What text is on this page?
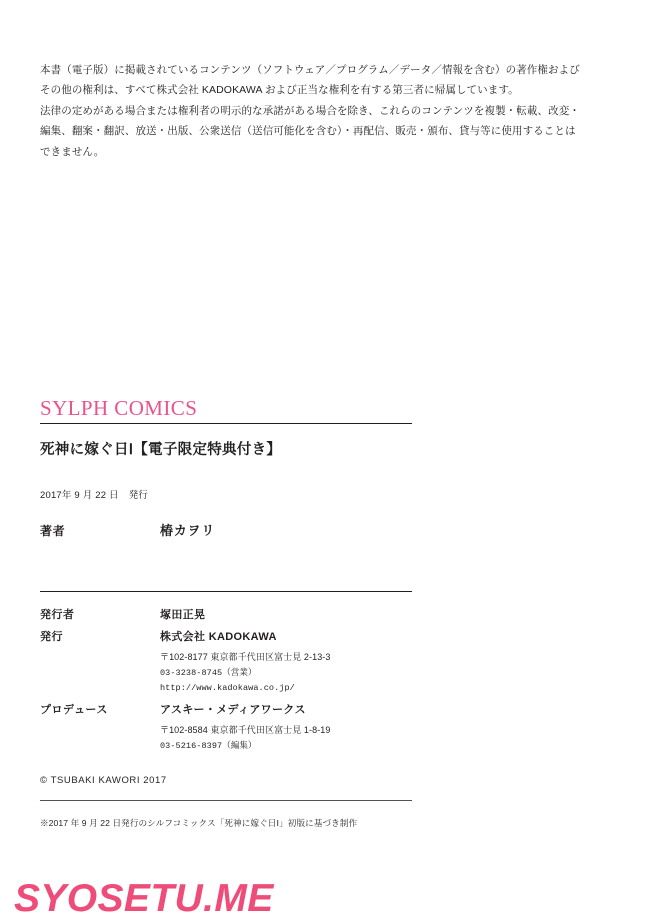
本書（電子版）に掲載されているコンテンツ（ソフトウェア／プログラム／データ／情報を含む）の著作権および

その他の権利は、すべて株式会社 KADOKAWA および正当な権利を有する第三者に帰属しています。

法律の定めがある場合または権利者の明示的な承諾がある場合を除き、これらのコンテンツを複製・転載、改変・

編集、翻案・翻訳、放送・出版、公衆送信（送信可能化を含む）・再配信、販売・頒布、貸与等に使用することは

できません。

SYLPH COMICS
死神に嫁ぐ日Ⅰ【電子限定特典付き】
2017年 9 月 22 日 発行
著者	椿カヲリ
発行者	塚田正晃
発行	株式会社 KADOKAWA
〒102-8177 東京都千代田区富士見 2-13-3
03-3238-8745（営業）
http://www.kadokawa.co.jp/
プロデュース	アスキー・メディアワークス
〒102-8584 東京都千代田区富士見 1-8-19
03-5216-8397（編集）
© TSUBAKI KAWORI 2017
※2017 年 9 月 22 日発行のシルフコミックス「死神に嫁ぐ日Ⅰ」初版に基づき制作
SYOSETU.ME
